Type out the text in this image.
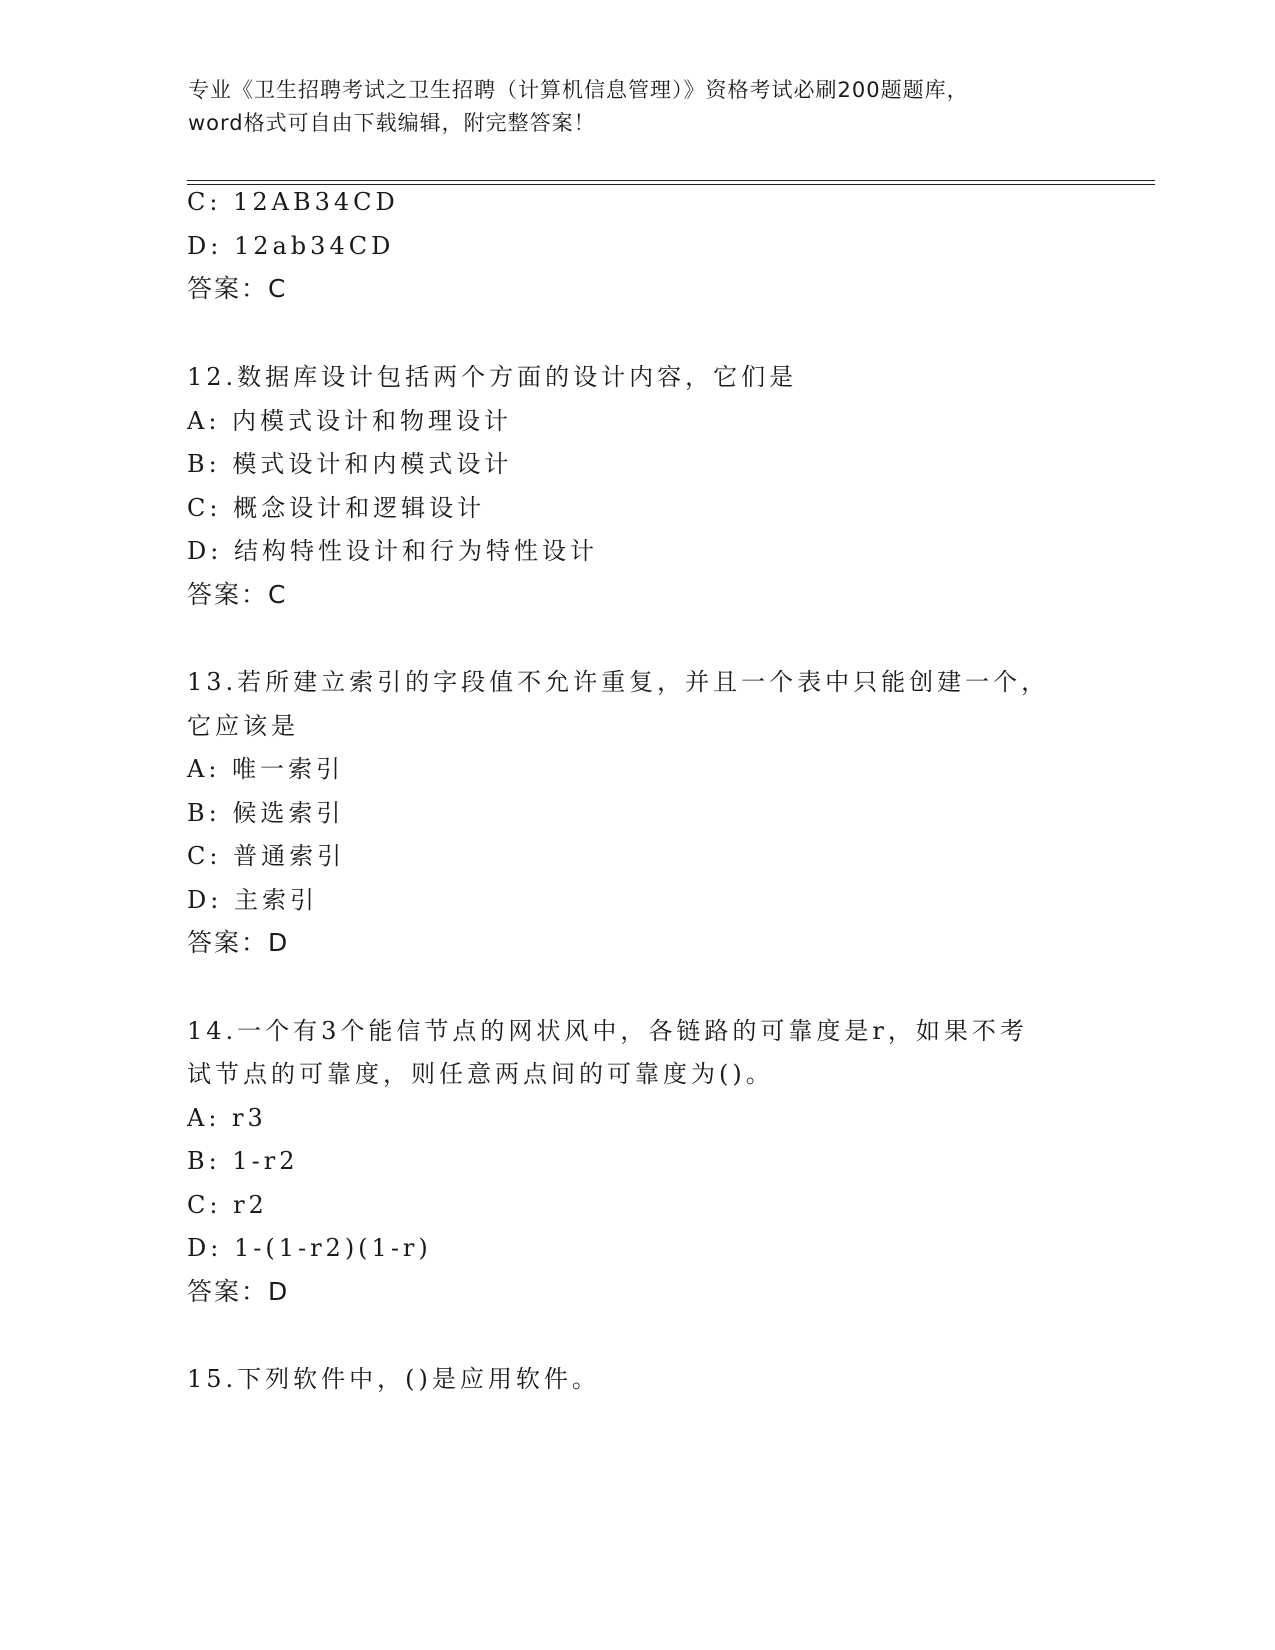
专业《卫生招聘考试之卫生招聘（计算机信息管理）》资格考试必刷200题题库，
word格式可自由下载编辑，附完整答案！
C: 12AB34CD
D: 12ab34CD
答案：C
12.数据库设计包括两个方面的设计内容，它们是
A: 内模式设计和物理设计
B: 模式设计和内模式设计
C: 概念设计和逻辑设计
D: 结构特性设计和行为特性设计
答案：C
13.若所建立索引的字段值不允许重复，并且一个表中只能创建一个，
它应该是
A: 唯一索引
B: 候选索引
C: 普通索引
D: 主索引
答案：D
14.一个有3个能信节点的网状风中，各链路的可靠度是r，如果不考
试节点的可靠度，则任意两点间的可靠度为()。
A: r3
B: 1-r2
C: r2
D: 1-(1-r2)(1-r)
答案：D
15.下列软件中，()是应用软件。
